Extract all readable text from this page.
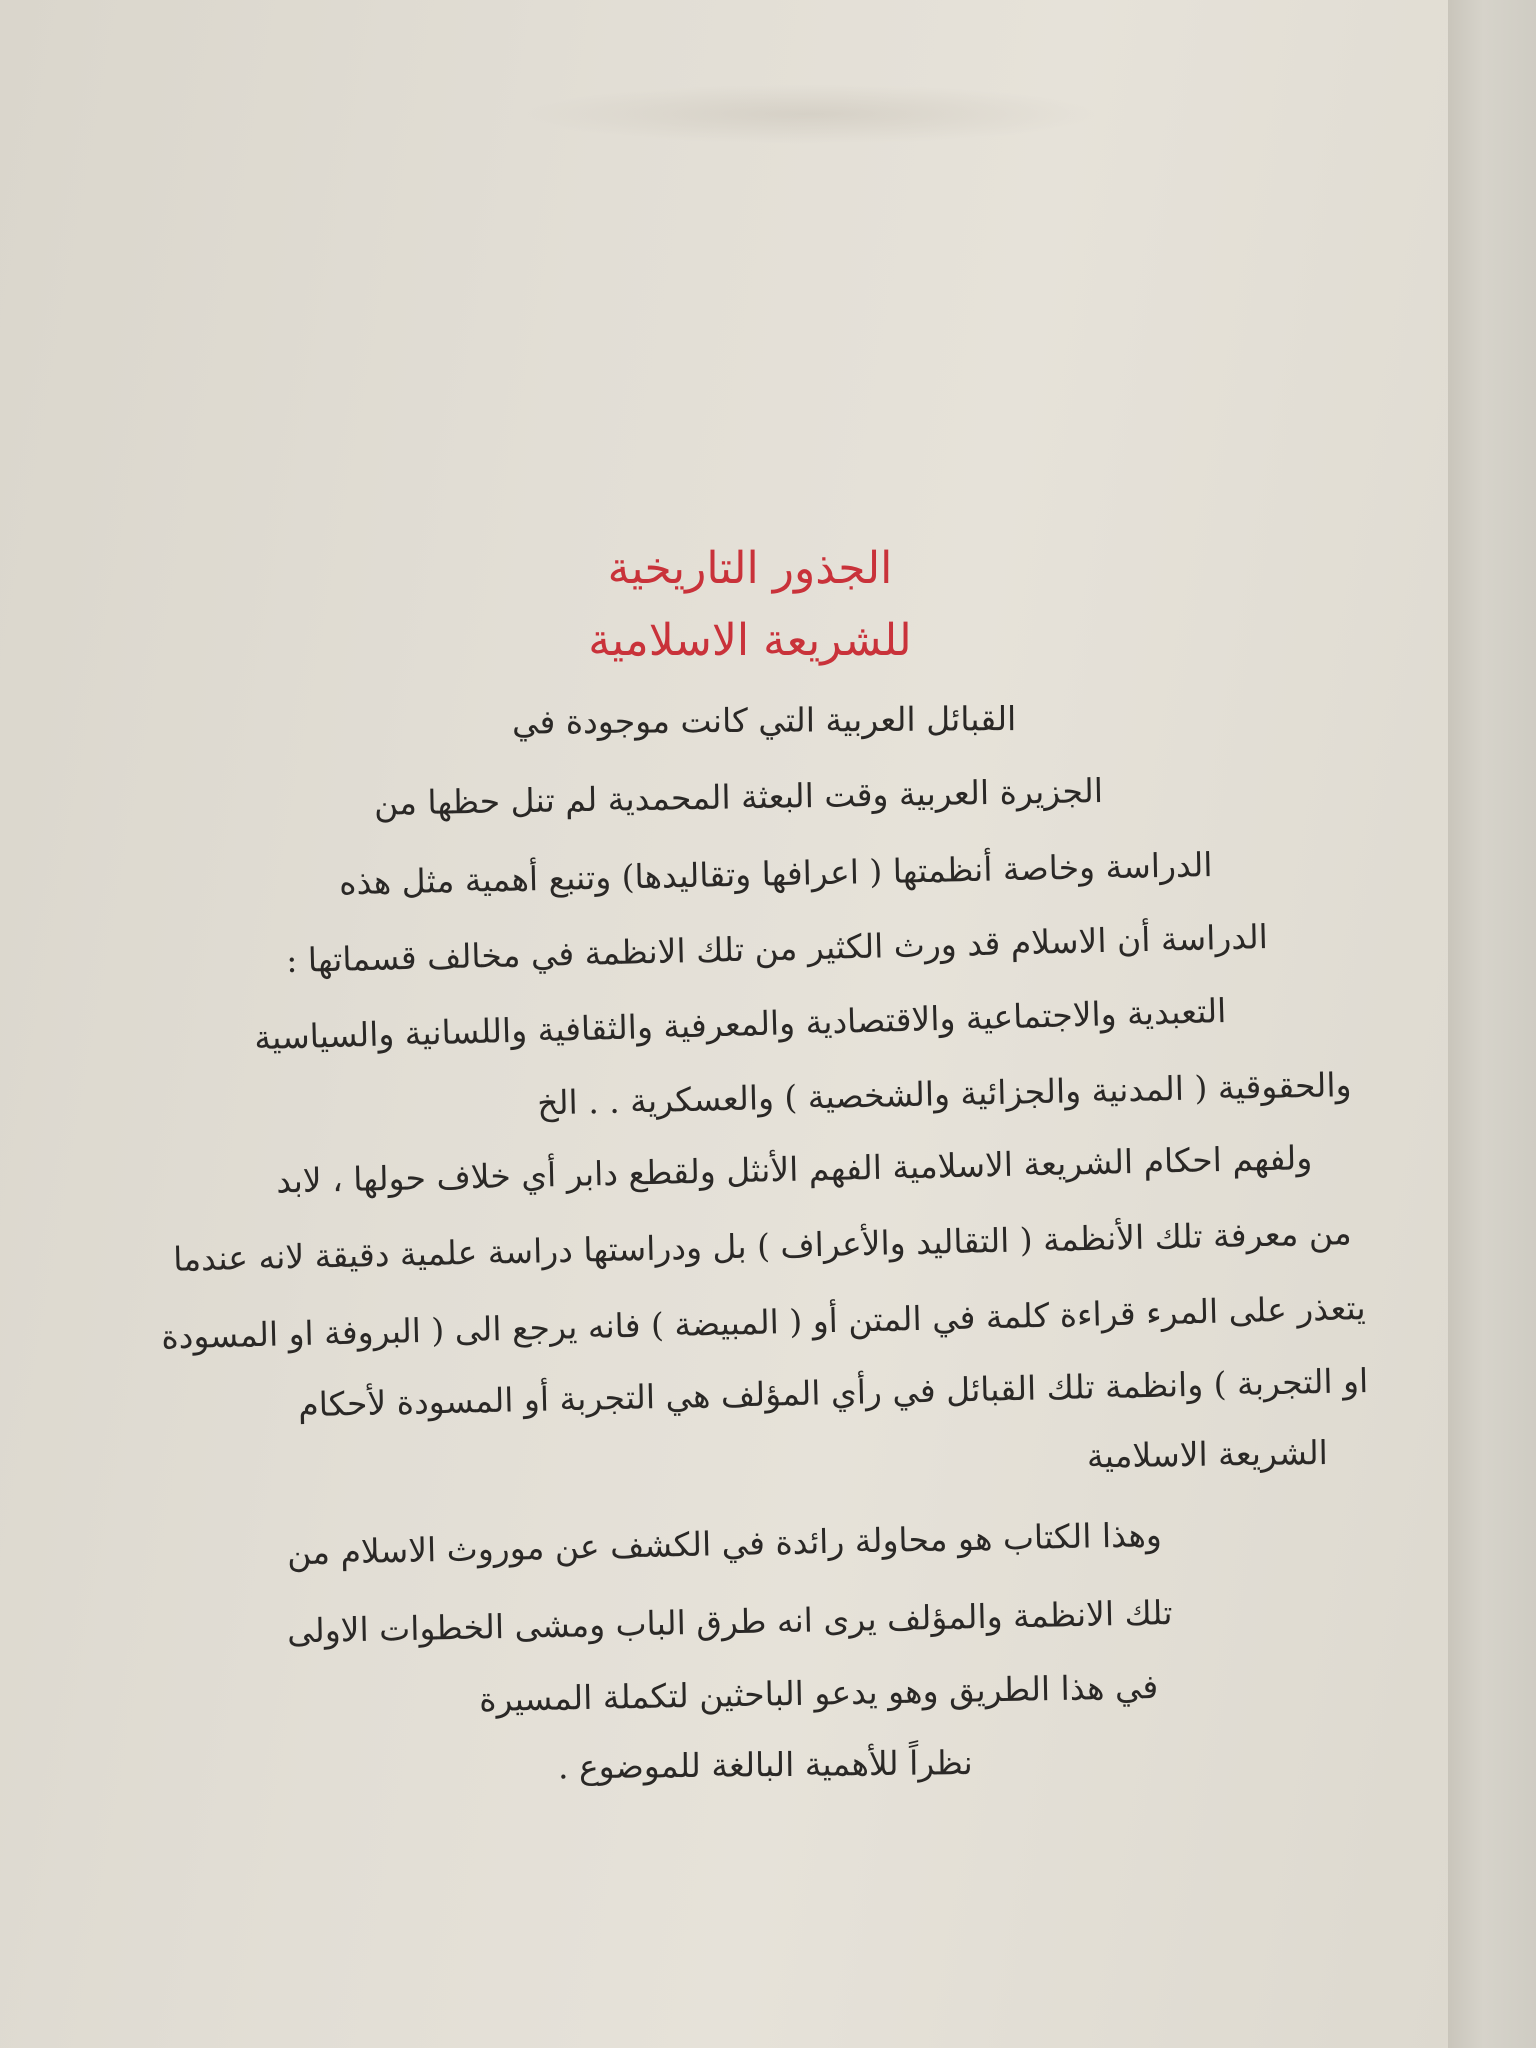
الجذور التاريخية
للشريعة الاسلامية
القبائل العربية التي كانت موجودة في
الجزيرة العربية وقت البعثة المحمدية لم تنل حظها من
الدراسة وخاصة أنظمتها ( اعرافها وتقاليدها) وتنبع أهمية مثل هذه
الدراسة أن الاسلام قد ورث الكثير من تلك الانظمة في مخالف قسماتها :
التعبدية والاجتماعية والاقتصادية والمعرفية والثقافية واللسانية والسياسية
والحقوقية ( المدنية والجزائية والشخصية ) والعسكرية . . الخ
ولفهم احكام الشريعة الاسلامية الفهم الأنثل ولقطع دابر أي خلاف حولها ، لابد
من معرفة تلك الأنظمة ( التقاليد والأعراف ) بل ودراستها دراسة علمية دقيقة لانه عندما
يتعذر على المرء قراءة كلمة في المتن أو ( المبيضة ) فانه يرجع الى ( البروفة او المسودة
او التجربة ) وانظمة تلك القبائل في رأي المؤلف هي التجربة أو المسودة لأحكام
الشريعة الاسلامية
وهذا الكتاب هو محاولة رائدة في الكشف عن موروث الاسلام من
تلك الانظمة والمؤلف يرى انه طرق الباب ومشى الخطوات الاولى
في هذا الطريق وهو يدعو الباحثين لتكملة المسيرة
نظراً للأهمية البالغة للموضوع .
